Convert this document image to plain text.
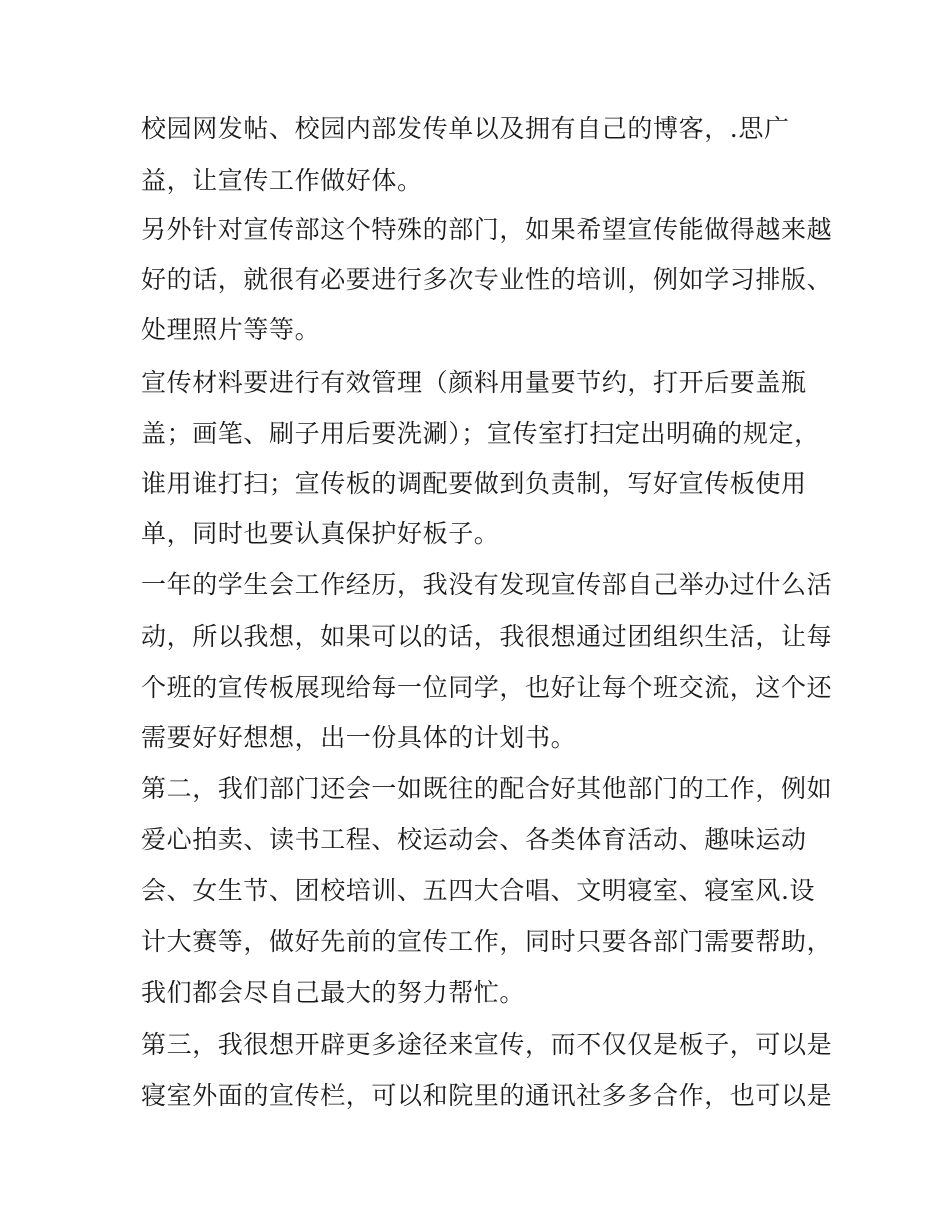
校园网发帖、校园内部发传单以及拥有自己的博客，.思广

益，让宣传工作做好体。

另外针对宣传部这个特殊的部门，如果希望宣传能做得越来越

好的话，就很有必要进行多次专业性的培训，例如学习排版、

处理照片等等。

宣传材料要进行有效管理（颜料用量要节约，打开后要盖瓶

盖；画笔、刷子用后要洗涮）；宣传室打扫定出明确的规定，

谁用谁打扫；宣传板的调配要做到负责制，写好宣传板使用

单，同时也要认真保护好板子。

一年的学生会工作经历，我没有发现宣传部自己举办过什么活

动，所以我想，如果可以的话，我很想通过团组织生活，让每

个班的宣传板展现给每一位同学，也好让每个班交流，这个还

需要好好想想，出一份具体的计划书。

第二，我们部门还会一如既往的配合好其他部门的工作，例如

爱心拍卖、读书工程、校运动会、各类体育活动、趣味运动

会、女生节、团校培训、五四大合唱、文明寝室、寝室风.设

计大赛等，做好先前的宣传工作，同时只要各部门需要帮助，

我们都会尽自己最大的努力帮忙。

第三，我很想开辟更多途径来宣传，而不仅仅是板子，可以是

寝室外面的宣传栏，可以和院里的通讯社多多合作，也可以是
